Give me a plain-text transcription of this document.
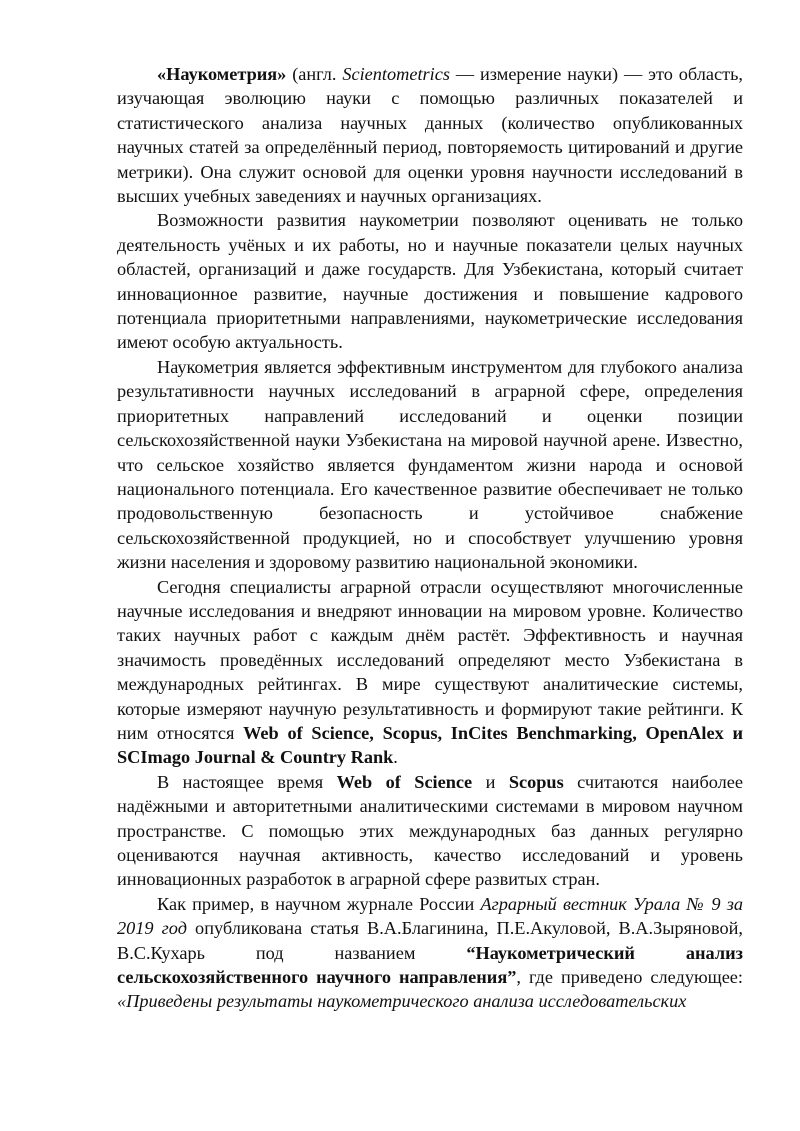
«Наукометрия» (англ. Scientometrics — измерение науки) — это область, изучающая эволюцию науки с помощью различных показателей и статистического анализа научных данных (количество опубликованных научных статей за определённый период, повторяемость цитирований и другие метрики). Она служит основой для оценки уровня научности исследований в высших учебных заведениях и научных организациях.

Возможности развития наукометрии позволяют оценивать не только деятельность учёных и их работы, но и научные показатели целых научных областей, организаций и даже государств. Для Узбекистана, который считает инновационное развитие, научные достижения и повышение кадрового потенциала приоритетными направлениями, наукометрические исследования имеют особую актуальность.

Наукометрия является эффективным инструментом для глубокого анализа результативности научных исследований в аграрной сфере, определения приоритетных направлений исследований и оценки позиции сельскохозяйственной науки Узбекистана на мировой научной арене. Известно, что сельское хозяйство является фундаментом жизни народа и основой национального потенциала. Его качественное развитие обеспечивает не только продовольственную безопасность и устойчивое снабжение сельскохозяйственной продукцией, но и способствует улучшению уровня жизни населения и здоровому развитию национальной экономики.

Сегодня специалисты аграрной отрасли осуществляют многочисленные научные исследования и внедряют инновации на мировом уровне. Количество таких научных работ с каждым днём растёт. Эффективность и научная значимость проведённых исследований определяют место Узбекистана в международных рейтингах. В мире существуют аналитические системы, которые измеряют научную результативность и формируют такие рейтинги. К ним относятся Web of Science, Scopus, InCites Benchmarking, OpenAlex и SCImago Journal & Country Rank.

В настоящее время Web of Science и Scopus считаются наиболее надёжными и авторитетными аналитическими системами в мировом научном пространстве. С помощью этих международных баз данных регулярно оцениваются научная активность, качество исследований и уровень инновационных разработок в аграрной сфере развитых стран.

Как пример, в научном журнале России Аграрный вестник Урала № 9 за 2019 год опубликована статья В.А.Благинина, П.Е.Акуловой, В.А.Зыряновой, В.С.Кухарь под названием “Наукометрический анализ сельскохозяйственного научного направления”, где приведено следующее: «Приведены результаты наукометрического анализа исследовательских
